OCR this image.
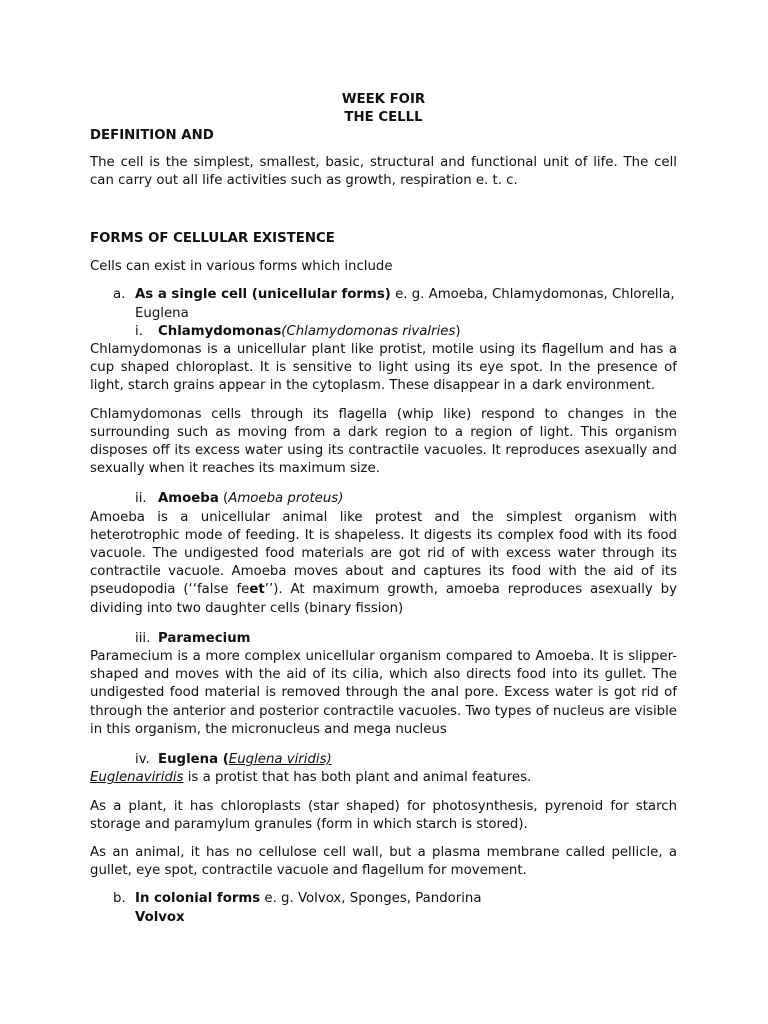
WEEK FOIR

THE CELLL

DEFINITION AND

The cell is the simplest, smallest, basic, structural and functional unit of life. The cell can carry out all life activities such as growth, respiration e. t. c.

FORMS OF CELLULAR EXISTENCE

Cells can exist in various forms which include

a. As a single cell (unicellular forms) e. g. Amoeba, Chlamydomonas, Chlorella, Euglena
i. Chlamydomonas(Chlamydomonas rivalries)

Chlamydomonas is a unicellular plant like protist, motile using its flagellum and has a cup shaped chloroplast. It is sensitive to light using its eye spot. In the presence of light, starch grains appear in the cytoplasm. These disappear in a dark environment.

Chlamydomonas cells through its flagella (whip like) respond to changes in the surrounding such as moving from a dark region to a region of light. This organism disposes off its excess water using its contractile vacuoles. It reproduces asexually and sexually when it reaches its maximum size.

ii. Amoeba (Amoeba proteus)

Amoeba is a unicellular animal like protest and the simplest organism with heterotrophic mode of feeding. It is shapeless. It digests its complex food with its food vacuole. The undigested food materials are got rid of with excess water through its contractile vacuole. Amoeba moves about and captures its food with the aid of its pseudopodia (‘‘false feet’’). At maximum growth, amoeba reproduces asexually by dividing into two daughter cells (binary fission)

iii. Paramecium

Paramecium is a more complex unicellular organism compared to Amoeba. It is slipper-shaped and moves with the aid of its cilia, which also directs food into its gullet. The undigested food material is removed through the anal pore. Excess water is got rid of through the anterior and posterior contractile vacuoles. Two types of nucleus are visible in this organism, the micronucleus and mega nucleus

iv. Euglena (Euglena viridis)

Euglenaviridis is a protist that has both plant and animal features.

As a plant, it has chloroplasts (star shaped) for photosynthesis, pyrenoid for starch storage and paramylum granules (form in which starch is stored).

As an animal, it has no cellulose cell wall, but a plasma membrane called pellicle, a gullet, eye spot, contractile vacuole and flagellum for movement.

b. In colonial forms e. g. Volvox, Sponges, Pandorina
Volvox
